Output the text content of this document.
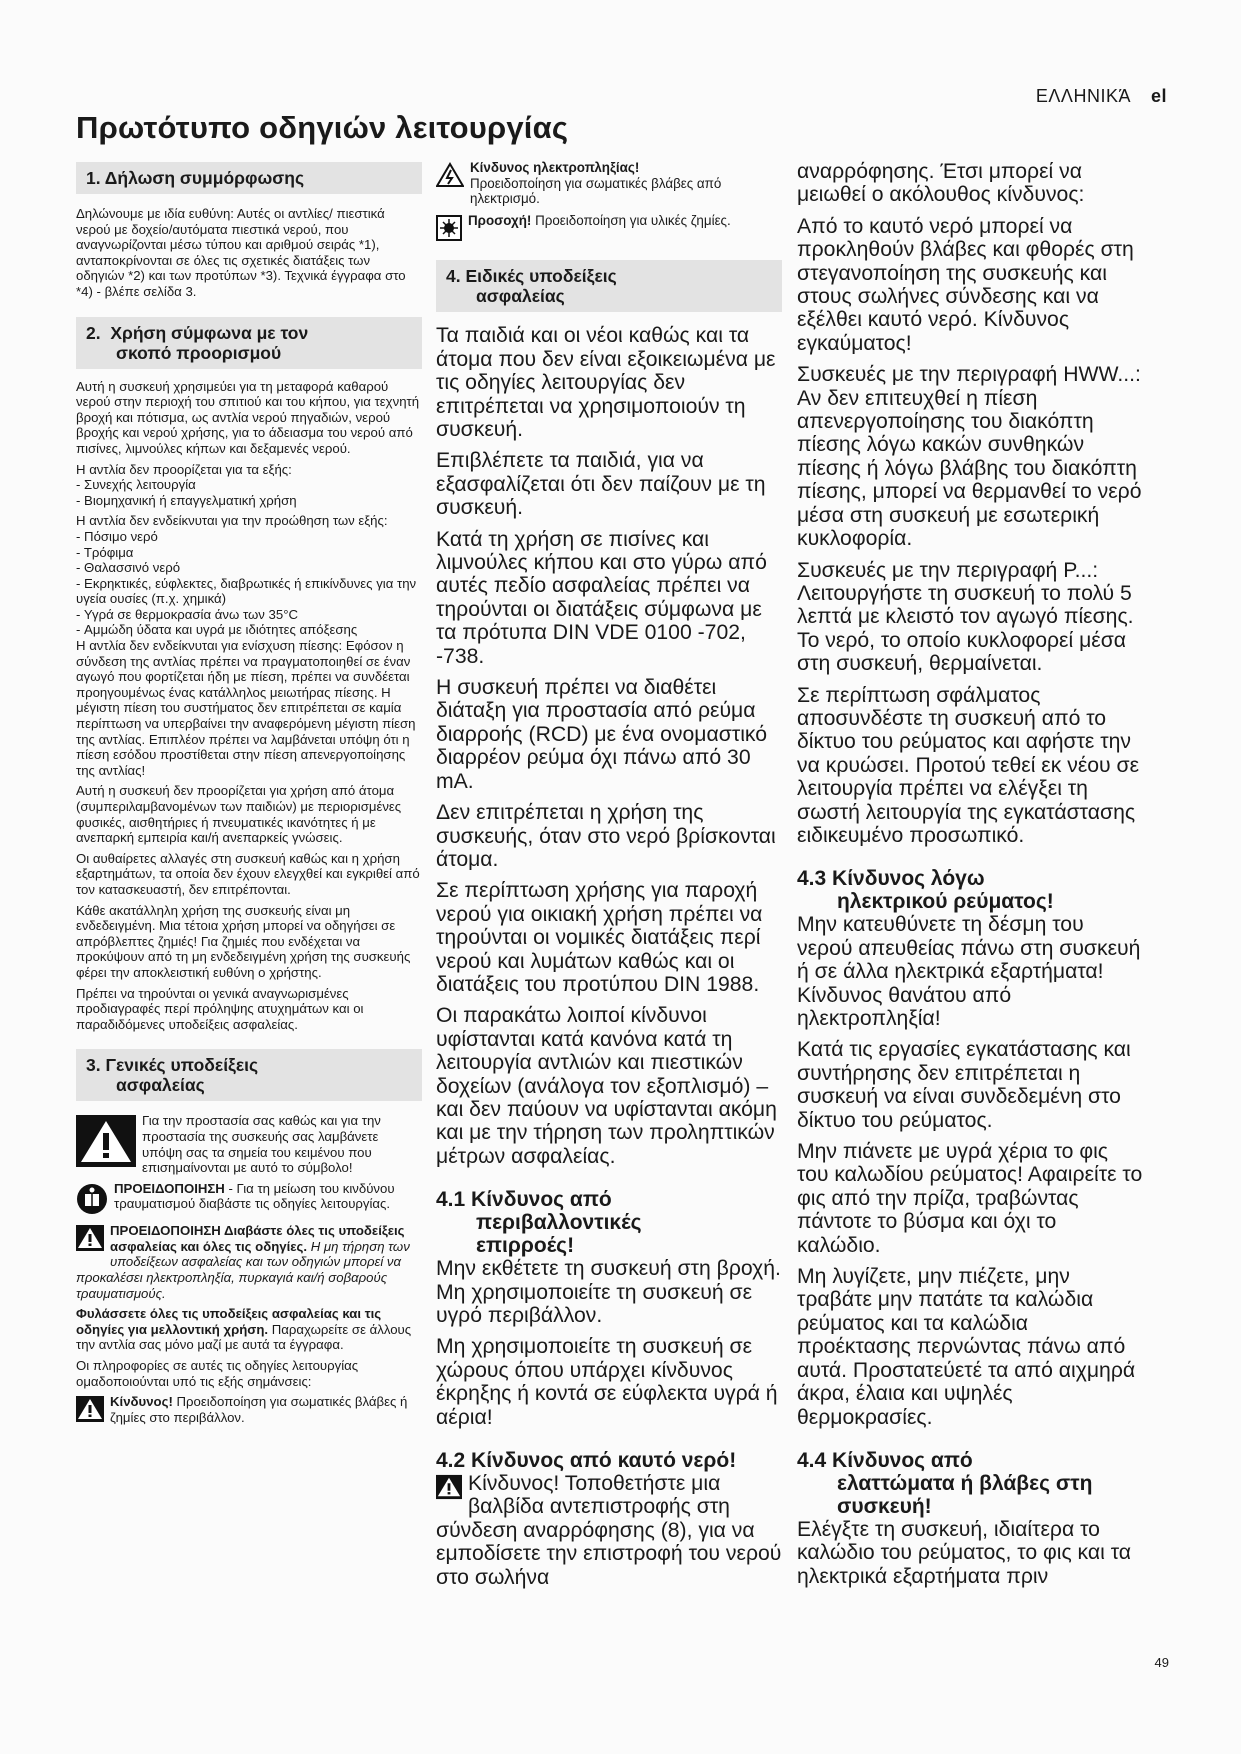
ΕΛΛΗΝΙΚΆ el
Πρωτότυπο οδηγιών λειτουργίας
1. Δήλωση συμμόρφωσης

Δηλώνουμε με ιδία ευθύνη: Αυτές οι αντλίες/ πιεστικά νερού με δοχείο/αυτόματα πιεστικά νερού, που αναγνωρίζονται μέσω τύπου και αριθμού σειράς *1), ανταποκρίνονται σε όλες τις σχετικές διατάξεις των οδηγιών *2) και των προτύπων *3). Τεχνικά έγγραφα στο *4) - βλέπε σελίδα 3.

2. Χρήση σύμφωνα με τον
σκοπό προορισμού

Αυτή η συσκευή χρησιμεύει για τη μεταφορά καθαρού νερού στην περιοχή του σπιτιού και του κήπου, για τεχνητή βροχή και πότισμα, ως αντλία νερού πηγαδιών, νερού βροχής και νερού χρήσης, για το άδειασμα του νερού από πισίνες, λιμνούλες κήπων και δεξαμενές νερού.

Η αντλία δεν προορίζεται για τα εξής:
- Συνεχής λειτουργία
- Βιομηχανική ή επαγγελματική χρήση

Η αντλία δεν ενδείκνυται για την προώθηση των εξής:
- Πόσιμο νερό
- Τρόφιμα
- Θαλασσινό νερό
- Εκρηκτικές, εύφλεκτες, διαβρωτικές ή επικίνδυνες για την υγεία ουσίες (π.χ. χημικά)
- Υγρά σε θερμοκρασία άνω των 35°C
- Αμμώδη ύδατα και υγρά με ιδιότητες απόξεσης

Η αντλία δεν ενδείκνυται για ενίσχυση πίεσης: Εφόσον η σύνδεση της αντλίας πρέπει να πραγματοποιηθεί σε έναν αγωγό που φορτίζεται ήδη με πίεση, πρέπει να συνδέεται προηγουμένως ένας κατάλληλος μειωτήρας πίεσης. Η μέγιστη πίεση του συστήματος δεν επιτρέπεται σε καμία περίπτωση να υπερβαίνει την αναφερόμενη μέγιστη πίεση της αντλίας. Επιπλέον πρέπει να λαμβάνεται υπόψη ότι η πίεση εσόδου προστίθεται στην πίεση απενεργοποίησης της αντλίας!

Αυτή η συσκευή δεν προορίζεται για χρήση από άτομα (συμπεριλαμβανομένων των παιδιών) με περιορισμένες φυσικές, αισθητήριες ή πνευματικές ικανότητες ή με ανεπαρκή εμπειρία και/ή ανεπαρκείς γνώσεις.

Οι αυθαίρετες αλλαγές στη συσκευή καθώς και η χρήση εξαρτημάτων, τα οποία δεν έχουν ελεγχθεί και εγκριθεί από τον κατασκευαστή, δεν επιτρέπονται.

Κάθε ακατάλληλη χρήση της συσκευής είναι μη ενδεδειγμένη. Μια τέτοια χρήση μπορεί να οδηγήσει σε απρόβλεπτες ζημιές! Για ζημιές που ενδέχεται να προκύψουν από τη μη ενδεδειγμένη χρήση της συσκευής φέρει την αποκλειστική ευθύνη ο χρήστης.

Πρέπει να τηρούνται οι γενικά αναγνωρισμένες προδιαγραφές περί πρόληψης ατυχημάτων και οι παραδιδόμενες υποδείξεις ασφαλείας.

3. Γενικές υποδείξεις
ασφαλείας

Για την προστασία σας καθώς και για την προστασία της συσκευής σας λαμβάνετε υπόψη σας τα σημεία του κειμένου που επισημαίνονται με αυτό το σύμβολο!

ΠΡΟΕΙΔΟΠΟΙΗΣΗ - Για τη μείωση του κινδύνου τραυματισμού διαβάστε τις οδηγίες λειτουργίας.

ΠΡΟΕΙΔΟΠΟΙΗΣΗ Διαβάστε όλες τις υποδείξεις ασφαλείας και όλες τις οδηγίες. Η μη τήρηση των υποδείξεων ασφαλείας και των οδηγιών μπορεί να προκαλέσει ηλεκτροπληξία, πυρκαγιά και/ή σοβαρούς τραυματισμούς.

Φυλάσσετε όλες τις υποδείξεις ασφαλείας και τις οδηγίες για μελλοντική χρήση. Παραχωρείτε σε άλλους την αντλία σας μόνο μαζί με αυτά τα έγγραφα.

Οι πληροφορίες σε αυτές τις οδηγίες λειτουργίας ομαδοποιούνται υπό τις εξής σημάνσεις:

Κίνδυνος! Προειδοποίηση για σωματικές βλάβες ή ζημίες στο περιβάλλον.

Κίνδυνος ηλεκτροπληξίας!
Προειδοποίηση για σωματικές βλάβες από ηλεκτρισμό.

Προσοχή! Προειδοποίηση για υλικές ζημίες.

4. Ειδικές υποδείξεις
ασφαλείας

Τα παιδιά και οι νέοι καθώς και τα άτομα που δεν είναι εξοικειωμένα με τις οδηγίες λειτουργίας δεν επιτρέπεται να χρησιμοποιούν τη συσκευή.

Επιβλέπετε τα παιδιά, για να εξασφαλίζεται ότι δεν παίζουν με τη συσκευή.

Κατά τη χρήση σε πισίνες και λιμνούλες κήπου και στο γύρω από αυτές πεδίο ασφαλείας πρέπει να τηρούνται οι διατάξεις σύμφωνα με τα πρότυπα DIN VDE 0100 -702, -738.

Η συσκευή πρέπει να διαθέτει διάταξη για προστασία από ρεύμα διαρροής (RCD) με ένα ονομαστικό διαρρέον ρεύμα όχι πάνω από 30 mA.

Δεν επιτρέπεται η χρήση της συσκευής, όταν στο νερό βρίσκονται άτομα.

Σε περίπτωση χρήσης για παροχή νερού για οικιακή χρήση πρέπει να τηρούνται οι νομικές διατάξεις περί νερού και λυμάτων καθώς και οι διατάξεις του προτύπου DIN 1988.

Οι παρακάτω λοιποί κίνδυνοι υφίστανται κατά κανόνα κατά τη λειτουργία αντλιών και πιεστικών δοχείων (ανάλογα τον εξοπλισμό) – και δεν παύουν να υφίστανται ακόμη και με την τήρηση των προληπτικών μέτρων ασφαλείας.

4.1 Κίνδυνος από
περιβαλλοντικές
επιρροές!

Μην εκθέτετε τη συσκευή στη βροχή. Μη χρησιμοποιείτε τη συσκευή σε υγρό περιβάλλον.

Μη χρησιμοποιείτε τη συσκευή σε χώρους όπου υπάρχει κίνδυνος έκρηξης ή κοντά σε εύφλεκτα υγρά ή αέρια!

4.2 Κίνδυνος από καυτό νερό!

Κίνδυνος! Τοποθετήστε μια βαλβίδα αντεπιστροφής στη σύνδεση αναρρόφησης (8), για να εμποδίσετε την επιστροφή του νερού στο σωλήνα

αναρρόφησης. Έτσι μπορεί να μειωθεί ο ακόλουθος κίνδυνος:

Από το καυτό νερό μπορεί να προκληθούν βλάβες και φθορές στη στεγανοποίηση της συσκευής και στους σωλήνες σύνδεσης και να εξέλθει καυτό νερό. Κίνδυνος εγκαύματος!

Συσκευές με την περιγραφή HWW...: Αν δεν επιτευχθεί η πίεση απενεργοποίησης του διακόπτη πίεσης λόγω κακών συνθηκών πίεσης ή λόγω βλάβης του διακόπτη πίεσης, μπορεί να θερμανθεί το νερό μέσα στη συσκευή με εσωτερική κυκλοφορία.

Συσκευές με την περιγραφή P...: Λειτουργήστε τη συσκευή το πολύ 5 λεπτά με κλειστό τον αγωγό πίεσης. Το νερό, το οποίο κυκλοφορεί μέσα στη συσκευή, θερμαίνεται.

Σε περίπτωση σφάλματος αποσυνδέστε τη συσκευή από το δίκτυο του ρεύματος και αφήστε την να κρυώσει. Προτού τεθεί εκ νέου σε λειτουργία πρέπει να ελέγξει τη σωστή λειτουργία της εγκατάστασης ειδικευμένο προσωπικό.

4.3 Κίνδυνος λόγω
ηλεκτρικού ρεύματος!

Μην κατευθύνετε τη δέσμη του νερού απευθείας πάνω στη συσκευή ή σε άλλα ηλεκτρικά εξαρτήματα! Κίνδυνος θανάτου από ηλεκτροπληξία!

Κατά τις εργασίες εγκατάστασης και συντήρησης δεν επιτρέπεται η συσκευή να είναι συνδεδεμένη στο δίκτυο του ρεύματος.

Μην πιάνετε με υγρά χέρια το φις του καλωδίου ρεύματος! Αφαιρείτε το φις από την πρίζα, τραβώντας πάντοτε το βύσμα και όχι το καλώδιο.

Μη λυγίζετε, μην πιέζετε, μην τραβάτε μην πατάτε τα καλώδια ρεύματος και τα καλώδια προέκτασης περνώντας πάνω από αυτά. Προστατεύετέ τα από αιχμηρά άκρα, έλαια και υψηλές θερμοκρασίες.

4.4 Κίνδυνος από
ελαττώματα ή βλάβες στη
συσκευή!

Ελέγξτε τη συσκευή, ιδιαίτερα το καλώδιο του ρεύματος, το φις και τα ηλεκτρικά εξαρτήματα πριν

49
